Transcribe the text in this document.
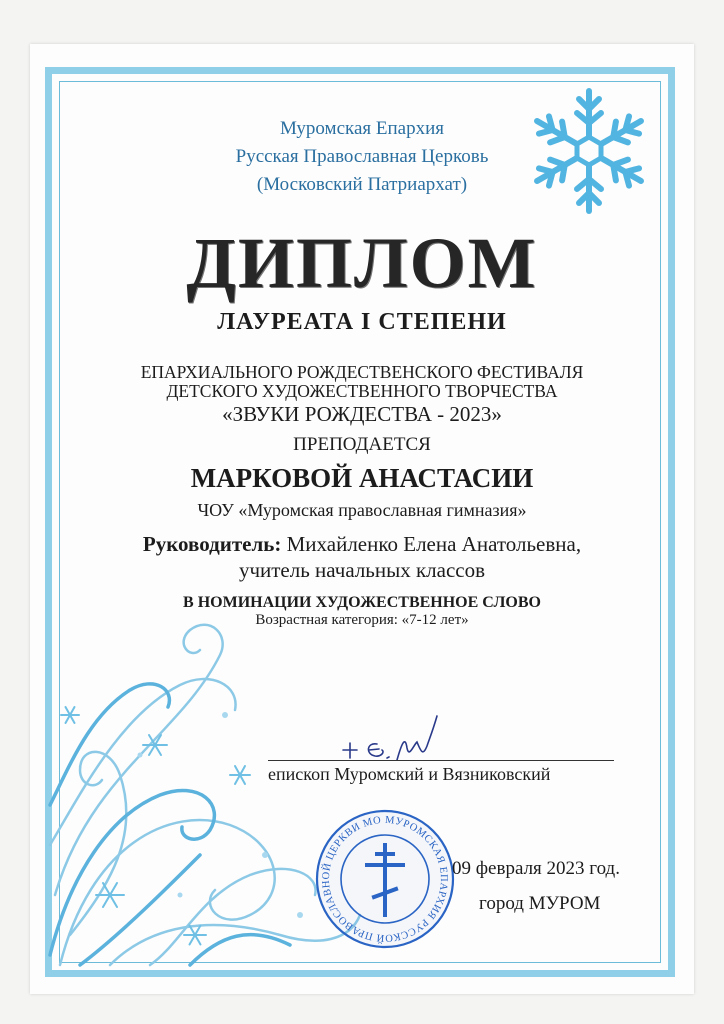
Муромская Епархия
Русская Православная Церковь
(Московский Патриархат)
ДИПЛОМ
ЛАУРЕАТА I СТЕПЕНИ
ЕПАРХИАЛЬНОГО РОЖДЕСТВЕНСКОГО ФЕСТИВАЛЯ
ДЕТСКОГО ХУДОЖЕСТВЕННОГО ТВОРЧЕСТВА
«ЗВУКИ РОЖДЕСТВА - 2023»
ПРЕПОДАЕТСЯ
МАРКОВОЙ АНАСТАСИИ
ЧОУ «Муромская православная гимназия»
Руководитель: Михайленко Елена Анатольевна,
учитель начальных классов
В НОМИНАЦИИ ХУДОЖЕСТВЕННОЕ СЛОВО
Возрастная категория: «7-12 лет»
епископ Муромский и Вязниковский
МУРОМСКАЯ ЕПАРХИЯ РУССКОЙ ПРАВОСЛАВНОЙ ЦЕРКВИ МО
09 февраля 2023 год.
город МУРОМ
